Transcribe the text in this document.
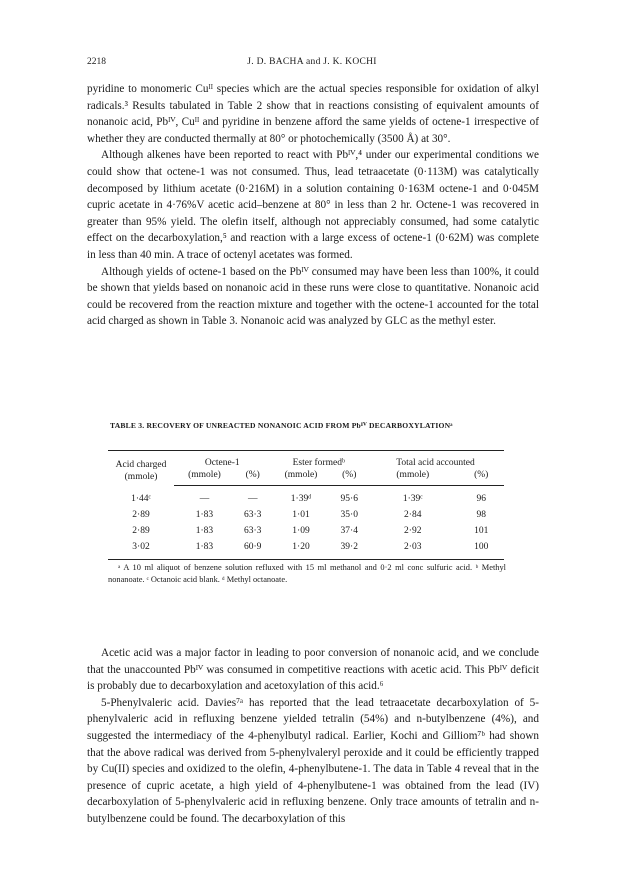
2218	J. D. BACHA and J. K. KOCHI

pyridine to monomeric Cuᴵᴵ species which are the actual species responsible for oxidation of alkyl radicals.³ Results tabulated in Table 2 show that in reactions consisting of equivalent amounts of nonanoic acid, Pbᴵⱽ, Cuᴵᴵ and pyridine in benzene afford the same yields of octene-1 irrespective of whether they are conducted thermally at 80° or photochemically (3500 Å) at 30°.

Although alkenes have been reported to react with Pbᴵⱽ,⁴ under our experimental conditions we could show that octene-1 was not consumed. Thus, lead tetraacetate (0·113M) was catalytically decomposed by lithium acetate (0·216M) in a solution containing 0·163M octene-1 and 0·045M cupric acetate in 4·76%V acetic acid–benzene at 80° in less than 2 hr. Octene-1 was recovered in greater than 95% yield. The olefin itself, although not appreciably consumed, had some catalytic effect on the decarboxylation,⁵ and reaction with a large excess of octene-1 (0·62M) was complete in less than 40 min. A trace of octenyl acetates was formed.

Although yields of octene-1 based on the Pbᴵⱽ consumed may have been less than 100%, it could be shown that yields based on nonanoic acid in these runs were close to quantitative. Nonanoic acid could be recovered from the reaction mixture and together with the octene-1 accounted for the total acid charged as shown in Table 3. Nonanoic acid was analyzed by GLC as the methyl ester.

TABLE 3. RECOVERY OF UNREACTED NONANOIC ACID FROM Pbᴵⱽ DECARBOXYLATIONᵃ
Acid charged (mmole)	Octene-1		Ester formedᵇ		Total acid accounted	
	(mmole)	(%)	(mmole)	(%)	(mmole)	(%)
1·44ᶜ	—	—	1·39ᵈ	95·6	1·39ᶜ	96
2·89	1·83	63·3	1·01	35·0	2·84	98
2·89	1·83	63·3	1·09	37·4	2·92	101
3·02	1·83	60·9	1·20	39·2	2·03	100

ᵃ A 10 ml aliquot of benzene solution refluxed with 15 ml methanol and 0·2 ml conc sulfuric acid. ᵇ Methyl nonanoate. ᶜ Octanoic acid blank. ᵈ Methyl octanoate.

Acetic acid was a major factor in leading to poor conversion of nonanoic acid, and we conclude that the unaccounted Pbᴵⱽ was consumed in competitive reactions with acetic acid. This Pbᴵⱽ deficit is probably due to decarboxylation and acetoxylation of this acid.⁶

5-Phenylvaleric acid. Davies⁷ᵃ has reported that the lead tetraacetate decarboxylation of 5-phenylvaleric acid in refluxing benzene yielded tetralin (54%) and n-butylbenzene (4%), and suggested the intermediacy of the 4-phenylbutyl radical. Earlier, Kochi and Gilliom⁷ᵇ had shown that the above radical was derived from 5-phenylvaleryl peroxide and it could be efficiently trapped by Cu(II) species and oxidized to the olefin, 4-phenylbutene-1. The data in Table 4 reveal that in the presence of cupric acetate, a high yield of 4-phenylbutene-1 was obtained from the lead (IV) decarboxylation of 5-phenylvaleric acid in refluxing benzene. Only trace amounts of tetralin and n-butylbenzene could be found. The decarboxylation of this
